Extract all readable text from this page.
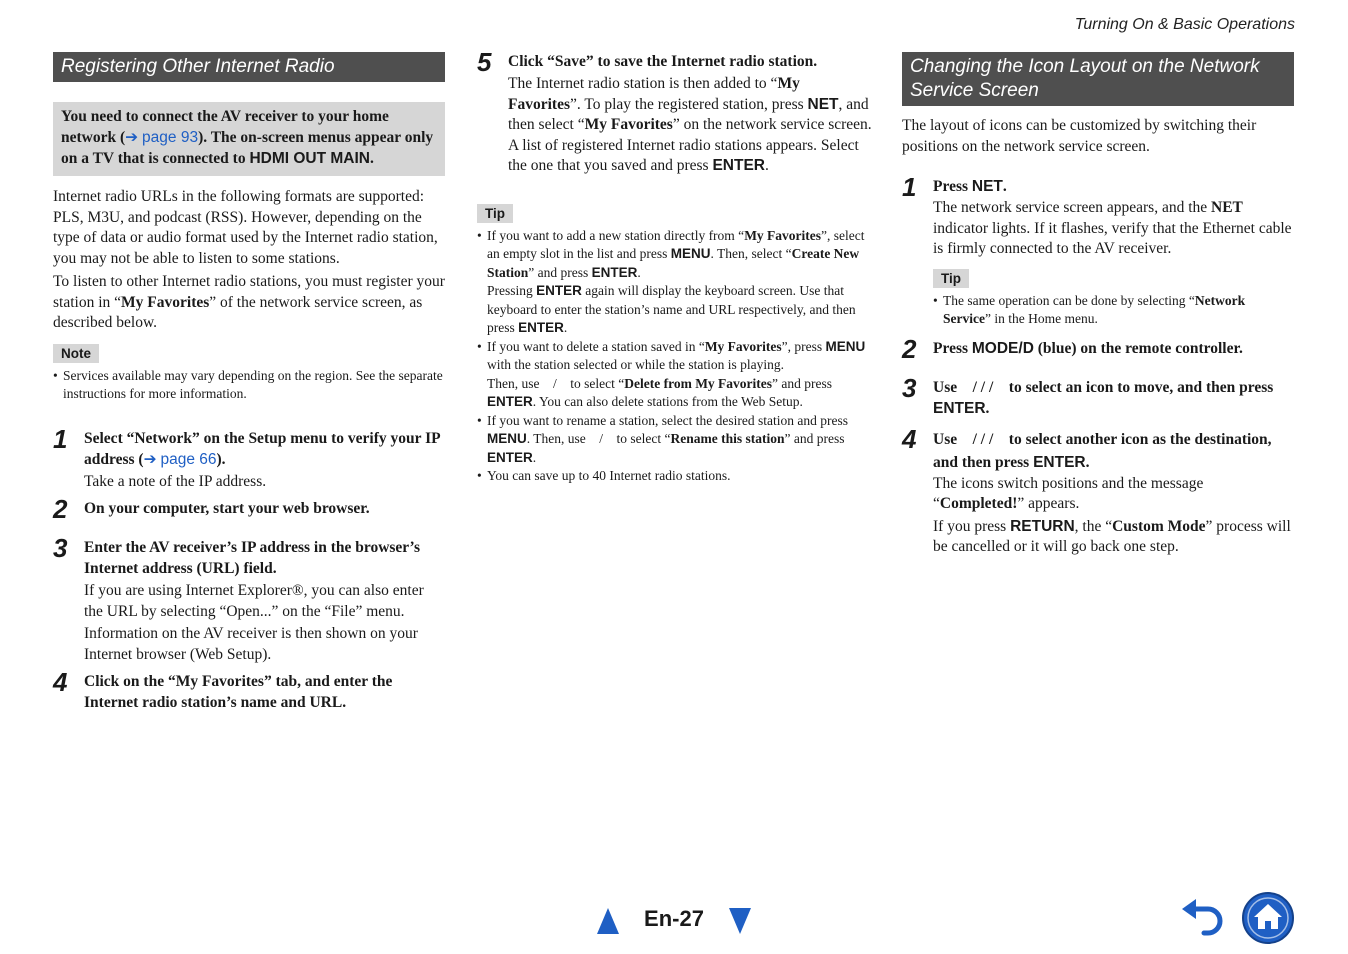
Turning On & Basic Operations
Registering Other Internet Radio
You need to connect the AV receiver to your home network (➔ page 93). The on-screen menus appear only on a TV that is connected to HDMI OUT MAIN.

Internet radio URLs in the following formats are supported: PLS, M3U, and podcast (RSS). However, depending on the type of data or audio format used by the Internet radio station, you may not be able to listen to some stations.

To listen to other Internet radio stations, you must register your station in “My Favorites” of the network service screen, as described below.

Note
• Services available may vary depending on the region. See the separate instructions for more information.
1 Select “Network” on the Setup menu to verify your IP address (➔ page 66).

Take a note of the IP address.

2 On your computer, start your web browser.
3 Enter the AV receiver’s IP address in the browser’s Internet address (URL) field.

If you are using Internet Explorer®, you can also enter the URL by selecting “Open...” on the “File” menu.

Information on the AV receiver is then shown on your Internet browser (Web Setup).

4 Click on the “My Favorites” tab, and enter the Internet radio station’s name and URL.
5 Click “Save” to save the Internet radio station.

The Internet radio station is then added to “My Favorites”. To play the registered station, press NET, and then select “My Favorites” on the network service screen. A list of registered Internet radio stations appears. Select the one that you saved and press ENTER.

Tip
• If you want to add a new station directly from “My Favorites”, select an empty slot in the list and press MENU. Then, select “Create New Station” and press ENTER.
Pressing ENTER again will display the keyboard screen. Use that keyboard to enter the station’s name and URL respectively, and then press ENTER.
• If you want to delete a station saved in “My Favorites”, press MENU with the station selected or while the station is playing.
Then, use / to select “Delete from My Favorites” and press ENTER. You can also delete stations from the Web Setup.
• If you want to rename a station, select the desired station and press MENU. Then, use / to select “Rename this station” and press ENTER.
• You can save up to 40 Internet radio stations.
Changing the Icon Layout on the Network Service Screen

The layout of icons can be customized by switching their positions on the network service screen.

1 Press NET.

The network service screen appears, and the NET indicator lights. If it flashes, verify that the Ethernet cable is firmly connected to the AV receiver.

Tip
• The same operation can be done by selecting “Network Service” in the Home menu.
2 Press MODE/D (blue) on the remote controller.
3 Use / / / to select an icon to move, and then press ENTER.
4 Use / / / to select another icon as the destination, and then press ENTER.

The icons switch positions and the message “Completed!” appears.

If you press RETURN, the “Custom Mode” process will be cancelled or it will go back one step.

En-27
